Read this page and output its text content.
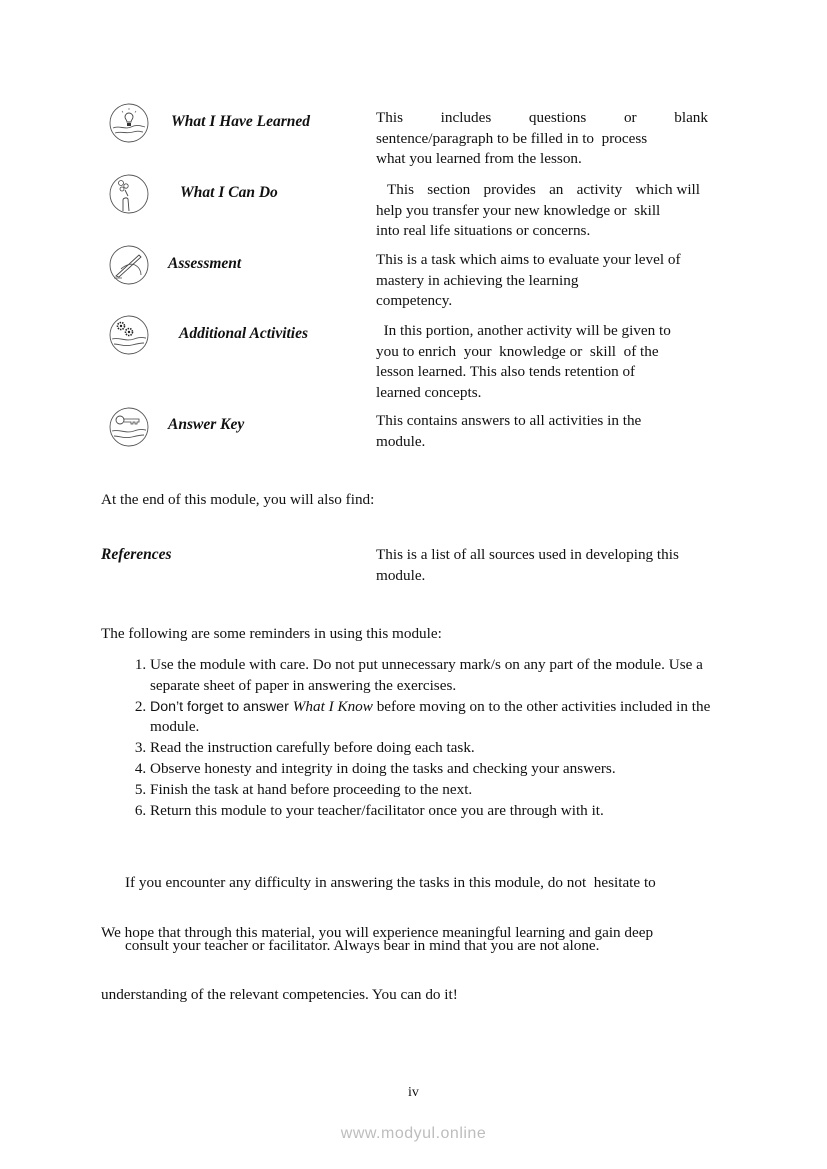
What I Have Learned	This includes questions or blank
sentence/paragraph to be filled in to  process
what you learned from the lesson.
What I Can Do	This section provides an activity which will
help you transfer your new knowledge or  skill
into real life situations or concerns.
Assessment	This is a task which aims to evaluate your level of
mastery in achieving the learning
competency.
Additional Activities	In this portion, another activity will be given to
you to enrich  your  knowledge or  skill  of the
lesson learned. This also tends retention of
learned concepts.
Answer Key	This contains answers to all activities in the
module.
At the end of this module, you will also find:
References	This is a list of all sources used in developing this
module.
The following are some reminders in using this module:
1. Use the module with care. Do not put unnecessary mark/s on any part of the module. Use a separate sheet of paper in answering the exercises.
2. Don’t forget to answer What I Know before moving on to the other activities included in the module.
3. Read the instruction carefully before doing each task.
4. Observe honesty and integrity in doing the tasks and checking your answers.
5. Finish the task at hand before proceeding to the next.
6. Return this module to your teacher/facilitator once you are through with it.

If you encounter any difficulty in answering the tasks in this module, do not  hesitate to

consult your teacher or facilitator. Always bear in mind that you are not alone.

We hope that through this material, you will experience meaningful learning and gain deep

understanding of the relevant competencies. You can do it!

iv
www.modyul.online
